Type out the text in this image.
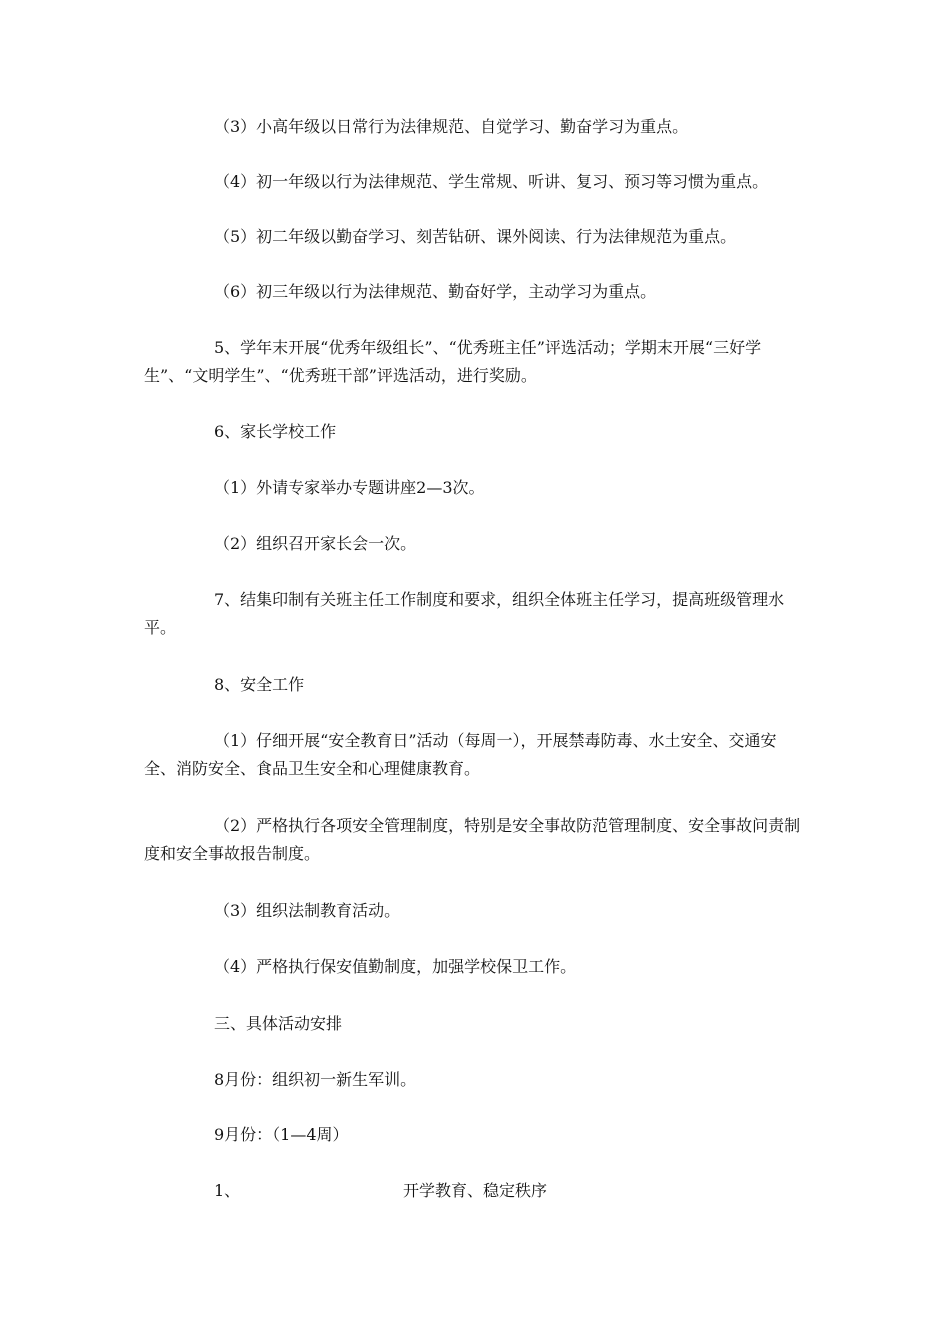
（3）小高年级以日常行为法律规范、自觉学习、勤奋学习为重点。

（4）初一年级以行为法律规范、学生常规、听讲、复习、预习等习惯为重点。

（5）初二年级以勤奋学习、刻苦钻研、课外阅读、行为法律规范为重点。

（6）初三年级以行为法律规范、勤奋好学，主动学习为重点。

5、学年末开展“优秀年级组长”、“优秀班主任”评选活动；学期末开展“三好学生”、“文明学生”、“优秀班干部”评选活动，进行奖励。

6、家长学校工作

（1）外请专家举办专题讲座2—3次。

（2）组织召开家长会一次。

7、结集印制有关班主任工作制度和要求，组织全体班主任学习，提高班级管理水平。

8、安全工作

（1）仔细开展“安全教育日”活动（每周一），开展禁毒防毒、水土安全、交通安全、消防安全、食品卫生安全和心理健康教育。

（2）严格执行各项安全管理制度，特别是安全事故防范管理制度、安全事故问责制度和安全事故报告制度。

（3）组织法制教育活动。

（4）严格执行保安值勤制度，加强学校保卫工作。

三、具体活动安排

8月份：组织初一新生军训。

9月份：（1—4周）

1、	开学教育、稳定秩序
